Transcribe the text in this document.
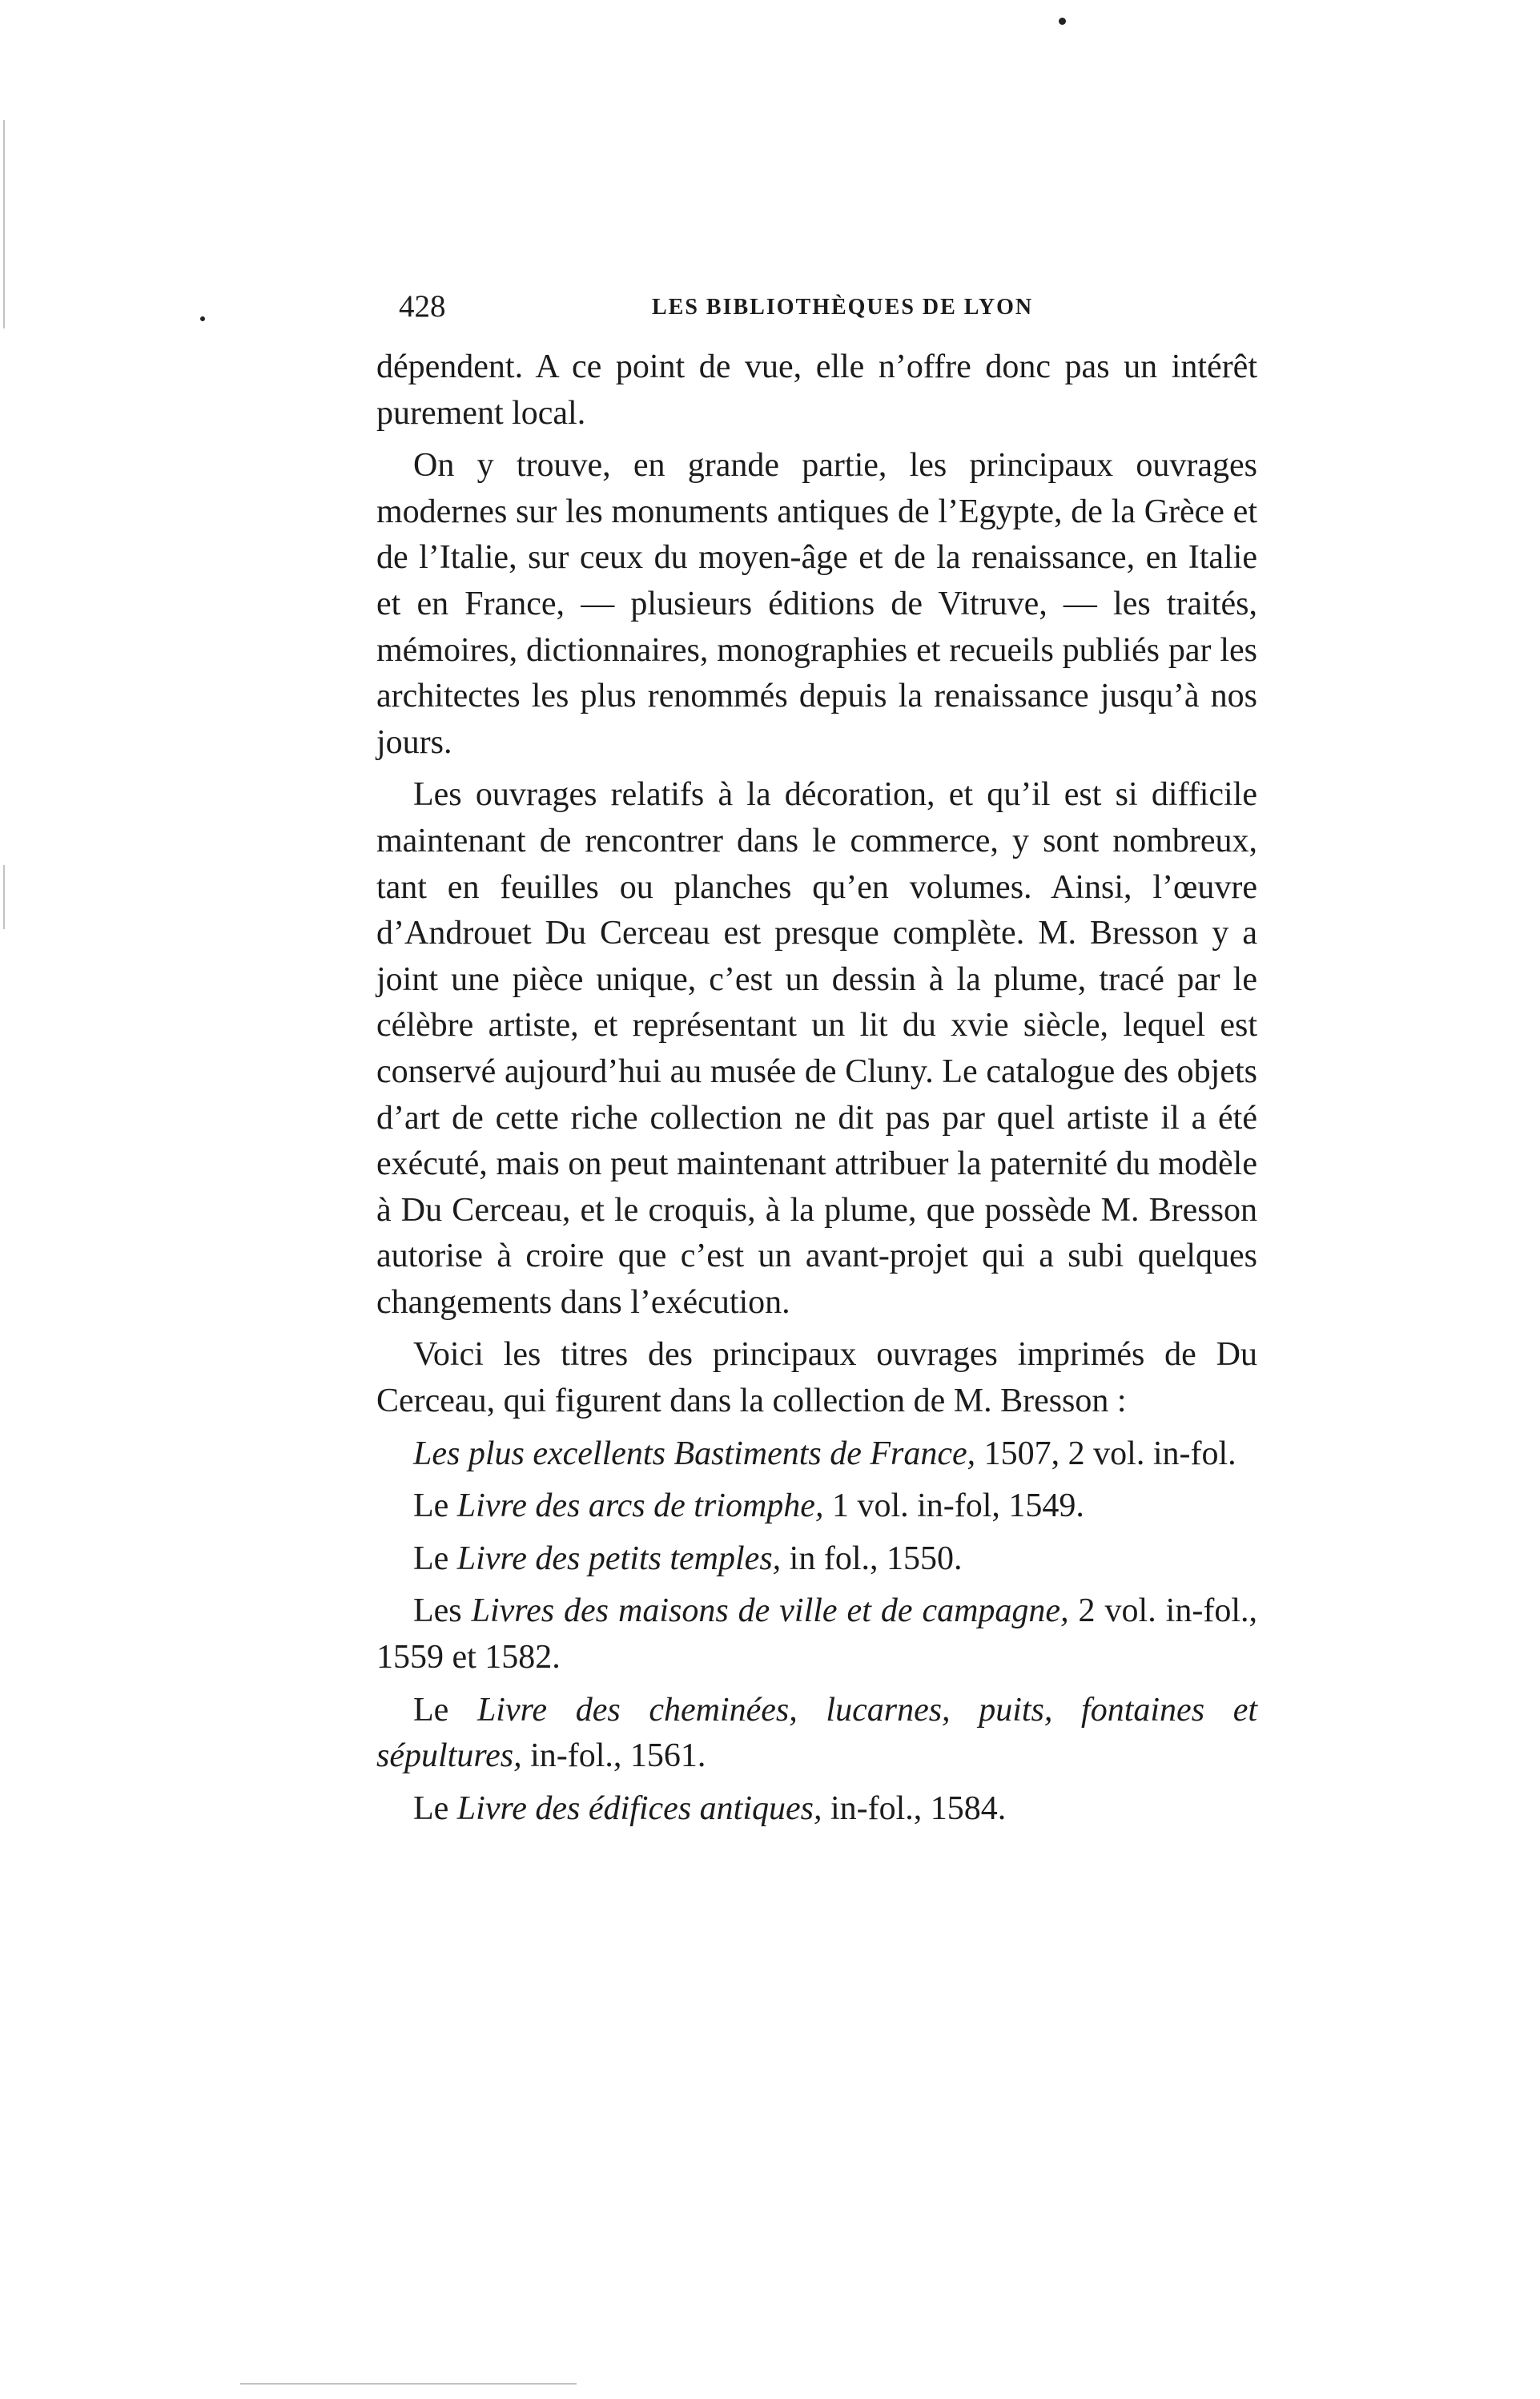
428	LES BIBLIOTHÈQUES DE LYON

dépendent. A ce point de vue, elle n’offre donc pas un intérêt purement local.

On y trouve, en grande partie, les principaux ouvrages modernes sur les monuments antiques de l’Egypte, de la Grèce et de l’Italie, sur ceux du moyen-âge et de la renaissance, en Italie et en France, — plusieurs éditions de Vitruve, — les traités, mémoires, dictionnaires, monographies et recueils publiés par les architectes les plus renommés depuis la renaissance jusqu’à nos jours.

Les ouvrages relatifs à la décoration, et qu’il est si difficile maintenant de rencontrer dans le commerce, y sont nombreux, tant en feuilles ou planches qu’en volumes. Ainsi, l’œuvre d’Androuet Du Cerceau est presque complète. M. Bresson y a joint une pièce unique, c’est un dessin à la plume, tracé par le célèbre artiste, et représentant un lit du xvie siècle, lequel est conservé aujourd’hui au musée de Cluny. Le catalogue des objets d’art de cette riche collection ne dit pas par quel artiste il a été exécuté, mais on peut maintenant attribuer la paternité du modèle à Du Cerceau, et le croquis, à la plume, que possède M. Bresson autorise à croire que c’est un avant-projet qui a subi quelques changements dans l’exécution.

Voici les titres des principaux ouvrages imprimés de Du Cerceau, qui figurent dans la collection de M. Bresson :

Les plus excellents Bastiments de France, 1507, 2 vol. in-fol.

Le Livre des arcs de triomphe, 1 vol. in-fol, 1549.

Le Livre des petits temples, in fol., 1550.

Les Livres des maisons de ville et de campagne, 2 vol. in-fol., 1559 et 1582.

Le Livre des cheminées, lucarnes, puits, fontaines et sépultures, in-fol., 1561.

Le Livre des édifices antiques, in-fol., 1584.
